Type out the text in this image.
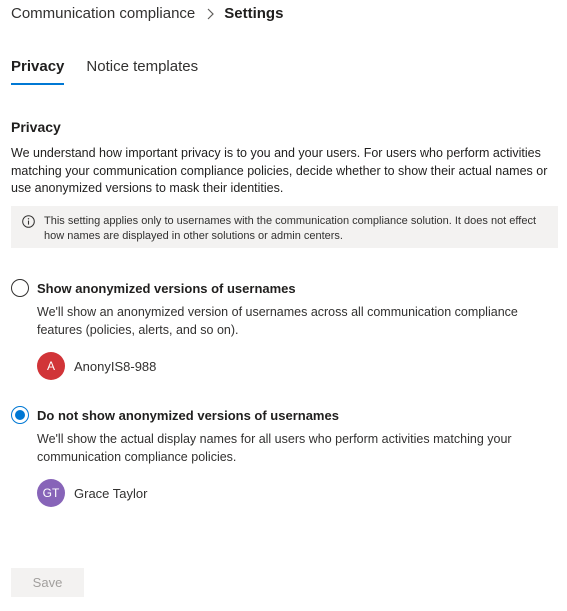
Communication compliance Settings
Privacy Notice templates
Privacy

We understand how important privacy is to you and your users. For users who perform activities matching your communication compliance policies, decide whether to show their actual names or use anonymized versions to mask their identities.

This setting applies only to usernames with the communication compliance solution. It does not effect how names are displayed in other solutions or admin centers.
Show anonymized versions of usernames

We'll show an anonymized version of usernames across all communication compliance features (policies, alerts, and so on).

A	AnonyIS8-988
Do not show anonymized versions of usernames

We'll show the actual display names for all users who perform activities matching your communication compliance policies.

GT	Grace Taylor
Save
